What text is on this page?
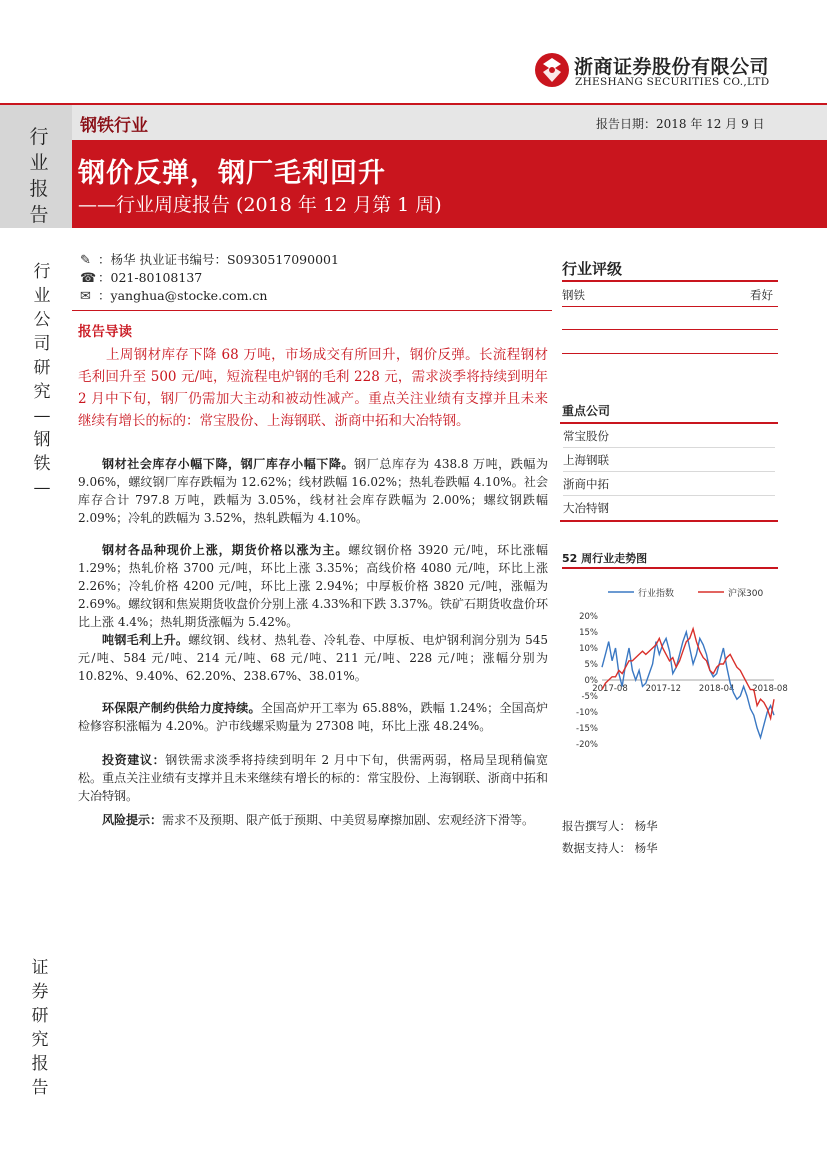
浙商证券股份有限公司
ZHESHANG SECURITIES CO.,LTD
行业报告
钢铁行业	报告日期：2018 年 12 月 9 日
钢价反弹，钢厂毛利回升
——行业周度报告 (2018 年 12 月第 1 周)
行业公司研究—钢铁—
证券研究报告
✎ ：杨华 执业证书编号：S0930517090001
☎ ：021-80108137
✉ ：yanghua@stocke.com.cn
报告导读
上周钢材库存下降 68 万吨，市场成交有所回升，钢价反弹。长流程钢材毛利回升至 500 元/吨，短流程电炉钢的毛利 228 元，需求淡季将持续到明年 2 月中下旬，钢厂仍需加大主动和被动性减产。重点关注业绩有支撑并且未来继续有增长的标的：常宝股份、上海钢联、浙商中拓和大冶特钢。
钢材社会库存小幅下降，钢厂库存小幅下降。钢厂总库存为 438.8 万吨，跌幅为 9.06%，螺纹钢厂库存跌幅为 12.62%；线材跌幅 16.02%；热轧卷跌幅 4.10%。社会库存合计 797.8 万吨，跌幅为 3.05%，线材社会库存跌幅为 2.00%；螺纹钢跌幅 2.09%；冷轧的跌幅为 3.52%，热轧跌幅为 4.10%。
钢材各品种现价上涨，期货价格以涨为主。螺纹钢价格 3920 元/吨，环比涨幅 1.29%；热轧价格 3700 元/吨，环比上涨 3.35%；高线价格 4080 元/吨，环比上涨 2.26%；冷轧价格 4200 元/吨，环比上涨 2.94%；中厚板价格 3820 元/吨，涨幅为 2.69%。螺纹钢和焦炭期货收盘价分别上涨 4.33%和下跌 3.37%。铁矿石期货收盘价环比上涨 4.4%；热轧期货涨幅为 5.42%。
吨钢毛利上升。螺纹钢、线材、热轧卷、冷轧卷、中厚板、电炉钢利润分别为 545 元/吨、584 元/吨、214 元/吨、68 元/吨、211 元/吨、228 元/吨；涨幅分别为 10.82%、9.40%、62.20%、238.67%、38.01%。
环保限产制约供给力度持续。全国高炉开工率为 65.88%，跌幅 1.24%；全国高炉检修容积涨幅为 4.20%。沪市线螺采购量为 27308 吨，环比上涨 48.24%。
投资建议：钢铁需求淡季将持续到明年 2 月中下旬，供需两弱，格局呈现稍偏宽松。重点关注业绩有支撑并且未来继续有增长的标的：常宝股份、上海钢联、浙商中拓和大冶特钢。
风险提示：需求不及预期、限产低于预期、中美贸易摩擦加剧、宏观经济下滑等。
行业评级
钢铁	看好
重点公司
常宝股份
上海钢联
浙商中拓
大冶特钢
52 周行业走势图
行业指数	沪深300
20%
15%
10%
5%
0%
-5%
-10%
-15%
-20%
2017-08 2017-12 2018-04 2018-08
报告撰写人： 杨华
数据支持人： 杨华
